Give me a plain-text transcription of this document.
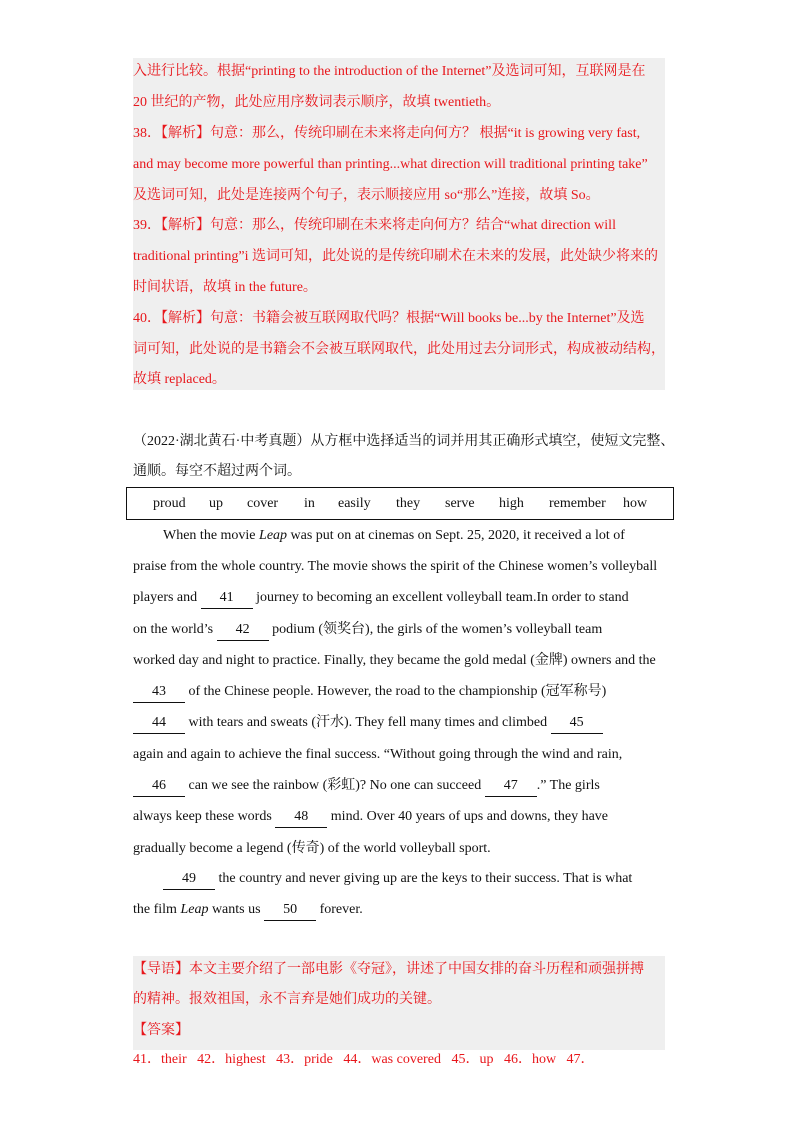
入进行比较。根据“printing to the introduction of the Internet”及选词可知，互联网是在
20 世纪的产物，此处应用序数词表示顺序，故填 twentieth。
38．【解析】句意：那么，传统印刷在未来将走向何方？ 根据“it is growing very fast,
and may become more powerful than printing...what direction will traditional printing take”
及选词可知，此处是连接两个句子，表示顺接应用 so“那么”连接，故填 So。
39．【解析】句意：那么，传统印刷在未来将走向何方？结合“what direction will
traditional printing”i 选词可知，此处说的是传统印刷术在未来的发展，此处缺少将来的
时间状语，故填 in the future。
40．【解析】句意：书籍会被互联网取代吗？根据“Will books be...by the Internet”及选
词可知，此处说的是书籍会不会被互联网取代，此处用过去分词形式，构成被动结构，
故填 replaced。
（2022·湖北黄石·中考真题）从方框中选择适当的词并用其正确形式填空，使短文完整、
通顺。每空不超过两个词。
proud up cover in easily they serve high remember how
When the movie Leap was put on at cinemas on Sept. 25, 2020, it received a lot of
praise from the whole country. The movie shows the spirit of the Chinese women’s volleyball
players and 41 journey to becoming an excellent volleyball team.In order to stand
on the world’s 42 podium (领奖台), the girls of the women’s volleyball team
worked day and night to practice. Finally, they became the gold medal (金牌) owners and the
43 of the Chinese people. However, the road to the championship (冠军称号)
44 with tears and sweats (汗水). They fell many times and climbed 45
again and again to achieve the final success. “Without going through the wind and rain,
46 can we see the rainbow (彩虹)? No one can succeed 47 .” The girls
always keep these words 48 mind. Over 40 years of ups and downs, they have
gradually become a legend (传奇) of the world volleyball sport.
49 the country and never giving up are the keys to their success. That is what
the film Leap wants us 50 forever.
【导语】本文主要介绍了一部电影《夺冠》，讲述了中国女排的奋斗历程和顽强拼搏
的精神。报效祖国，永不言弃是她们成功的关键。
【答案】
41．their   42．highest   43．pride   44．was covered   45．up   46．how   47．
